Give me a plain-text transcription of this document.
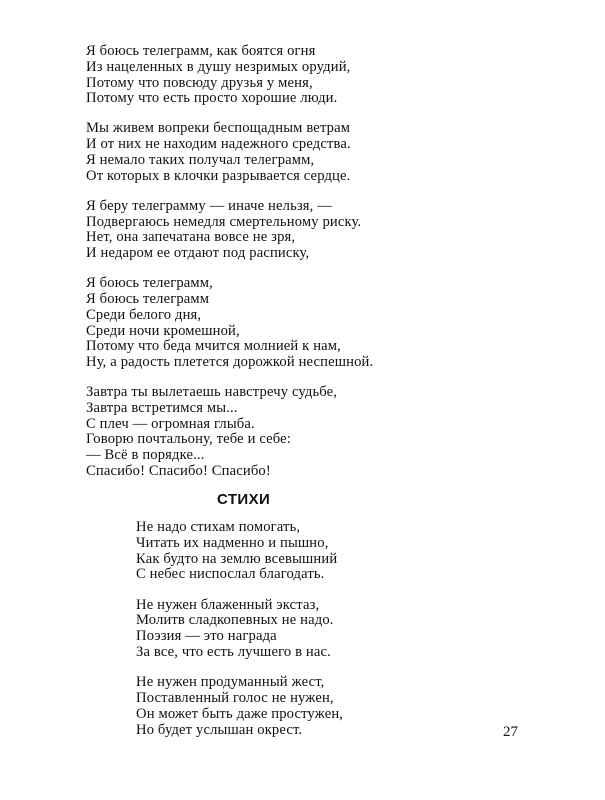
Я боюсь телеграмм, как боятся огня
Из нацеленных в душу незримых орудий,
Потому что повсюду друзья у меня,
Потому что есть просто хорошие люди.
Мы живем вопреки беспощадным ветрам
И от них не находим надежного средства.
Я немало таких получал телеграмм,
От которых в клочки разрывается сердце.
Я беру телеграмму — иначе нельзя, —
Подвергаюсь немедля смертельному риску.
Нет, она запечатана вовсе не зря,
И недаром ее отдают под расписку,
Я боюсь телеграмм,
Я боюсь телеграмм
Среди белого дня,
Среди ночи кромешной,
Потому что беда мчится молнией к нам,
Ну, а радость плетется дорожкой неспешной.
Завтра ты вылетаешь навстречу судьбе,
Завтра встретимся мы...
С плеч — огромная глыба.
Говорю почтальону, тебе и себе:
— Всё в порядке...
Спасибо! Спасибо! Спасибо!
СТИХИ
Не надо стихам помогать,
Читать их надменно и пышно,
Как будто на землю всевышний
С небес ниспослал благодать.
Не нужен блаженный экстаз,
Молитв сладкопевных не надо.
Поэзия — это награда
За все, что есть лучшего в нас.
Не нужен продуманный жест,
Поставленный голос не нужен,
Он может быть даже простужен,
Но будет услышан окрест.	27
